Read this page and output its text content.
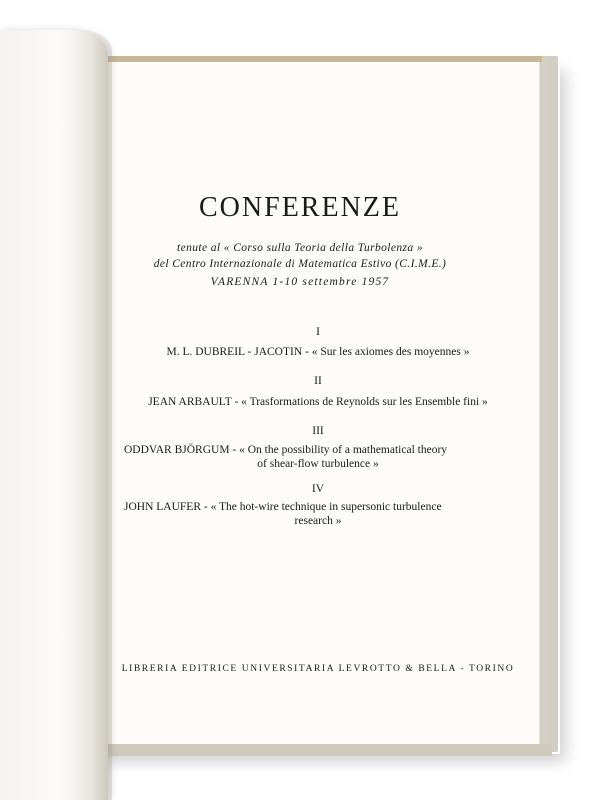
CONFERENZE
tenute al « Corso sulla Teoria della Turbolenza »
del Centro Internazionale di Matematica Estivo (C.I.M.E.)
VARENNA 1-10 settembre 1957
I
M. L. DUBREIL - JACOTIN - « Sur les axiomes des moyennes »
II
JEAN ARBAULT - « Trasformations de Reynolds sur les Ensemble fini »
III
ODDVAR BJÖRGUM - « On the possibility of a mathematical theory
of shear-flow turbulence »
IV
JOHN LAUFER - « The hot-wire technique in supersonic turbulence
research »
LIBRERIA EDITRICE UNIVERSITARIA LEVROTTO & BELLA - TORINO
